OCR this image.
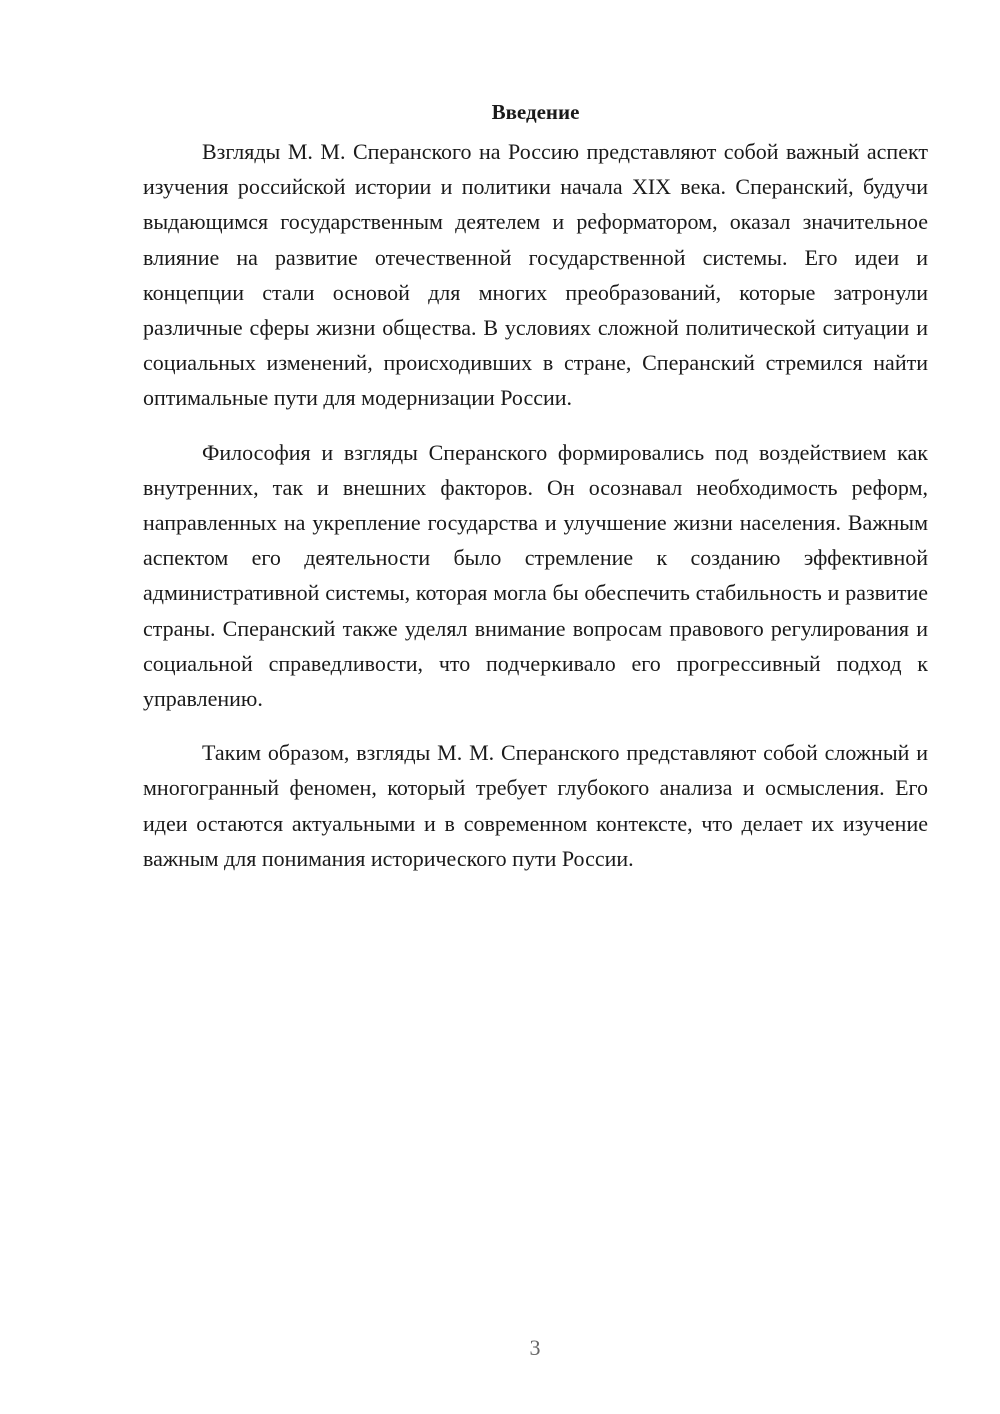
Введение

Взгляды М. М. Сперанского на Россию представляют собой важный аспект изучения российской истории и политики начала XIX века. Сперанский, будучи выдающимся государственным деятелем и реформатором, оказал значительное влияние на развитие отечественной государственной системы. Его идеи и концепции стали основой для многих преобразований, которые затронули различные сферы жизни общества. В условиях сложной политической ситуации и социальных изменений, происходивших в стране, Сперанский стремился найти оптимальные пути для модернизации России.

Философия и взгляды Сперанского формировались под воздействием как внутренних, так и внешних факторов. Он осознавал необходимость реформ, направленных на укрепление государства и улучшение жизни населения. Важным аспектом его деятельности было стремление к созданию эффективной административной системы, которая могла бы обеспечить стабильность и развитие страны. Сперанский также уделял внимание вопросам правового регулирования и социальной справедливости, что подчеркивало его прогрессивный подход к управлению.

Таким образом, взгляды М. М. Сперанского представляют собой сложный и многогранный феномен, который требует глубокого анализа и осмысления. Его идеи остаются актуальными и в современном контексте, что делает их изучение важным для понимания исторического пути России.

3
